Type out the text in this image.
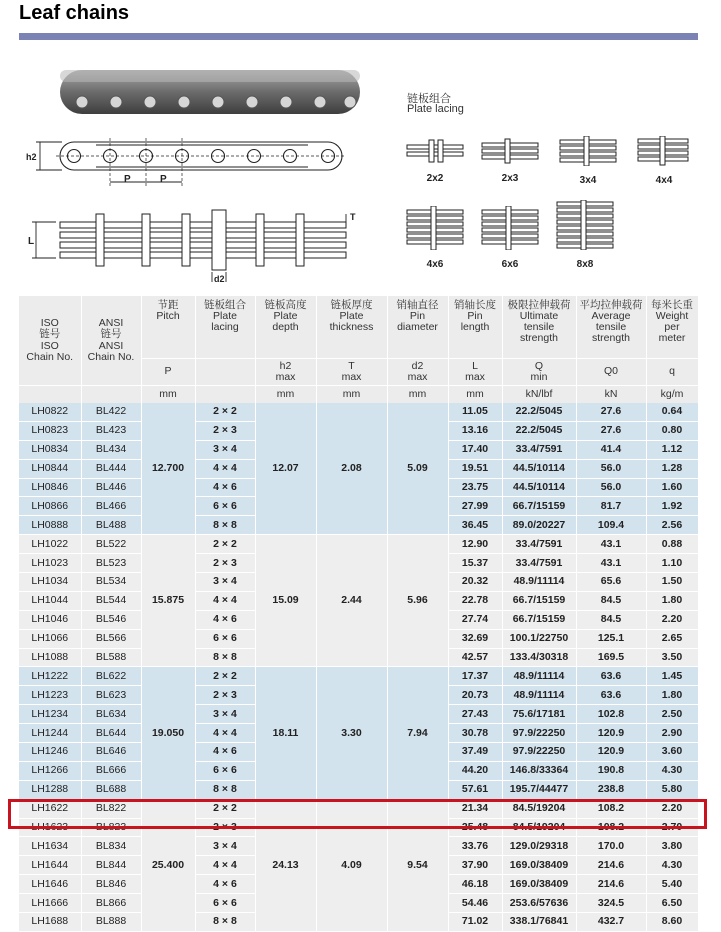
Leaf chains
h2
P	P
L
T
d2
链板组合
Plate lacing
2x2	2x3	3x4	4x4
4x6	6x6	8x8
ISO
链号
ISO
Chain No.	ANSI
链号
ANSI
Chain No.	节距
Pitch	链板组合
Plate
lacing	链板高度
Plate
depth	链板厚度
Plate
thickness	销轴直径
Pin
diameter	销轴长度
Pin
length	极限拉伸载荷
Ultimate
tensile
strength	平均拉伸载荷
Average
tensile
strength	每米长重
Weight
per
meter
		P		h2
max	T
max	d2
max	L
max	Q
min	Q0	q
		mm		mm	mm	mm	mm	kN/lbf	kN	kg/m
LH0822	BL422	12.700	2 × 2	12.07	2.08	5.09	11.05	22.2/5045	27.6	0.64
LH0823	BL423		2 × 3				13.16	22.2/5045	27.6	0.80
LH0834	BL434		3 × 4				17.40	33.4/7591	41.4	1.12
LH0844	BL444		4 × 4				19.51	44.5/10114	56.0	1.28
LH0846	BL446		4 × 6				23.75	44.5/10114	56.0	1.60
LH0866	BL466		6 × 6				27.99	66.7/15159	81.7	1.92
LH0888	BL488		8 × 8				36.45	89.0/20227	109.4	2.56
LH1022	BL522	15.875	2 × 2	15.09	2.44	5.96	12.90	33.4/7591	43.1	0.88
LH1023	BL523		2 × 3				15.37	33.4/7591	43.1	1.10
LH1034	BL534		3 × 4				20.32	48.9/11114	65.6	1.50
LH1044	BL544		4 × 4				22.78	66.7/15159	84.5	1.80
LH1046	BL546		4 × 6				27.74	66.7/15159	84.5	2.20
LH1066	BL566		6 × 6				32.69	100.1/22750	125.1	2.65
LH1088	BL588		8 × 8				42.57	133.4/30318	169.5	3.50
LH1222	BL622	19.050	2 × 2	18.11	3.30	7.94	17.37	48.9/11114	63.6	1.45
LH1223	BL623		2 × 3				20.73	48.9/11114	63.6	1.80
LH1234	BL634		3 × 4				27.43	75.6/17181	102.8	2.50
LH1244	BL644		4 × 4				30.78	97.9/22250	120.9	2.90
LH1246	BL646		4 × 6				37.49	97.9/22250	120.9	3.60
LH1266	BL666		6 × 6				44.20	146.8/33364	190.8	4.30
LH1288	BL688		8 × 8				57.61	195.7/44477	238.8	5.80
LH1622	BL822	25.400	2 × 2	24.13	4.09	9.54	21.34	84.5/19204	108.2	2.20
LH1623	BL823		2 × 3				25.48	84.5/19204	108.2	2.70
LH1634	BL834		3 × 4				33.76	129.0/29318	170.0	3.80
LH1644	BL844		4 × 4				37.90	169.0/38409	214.6	4.30
LH1646	BL846		4 × 6				46.18	169.0/38409	214.6	5.40
LH1666	BL866		6 × 6				54.46	253.6/57636	324.5	6.50
LH1688	BL888		8 × 8				71.02	338.1/76841	432.7	8.60
